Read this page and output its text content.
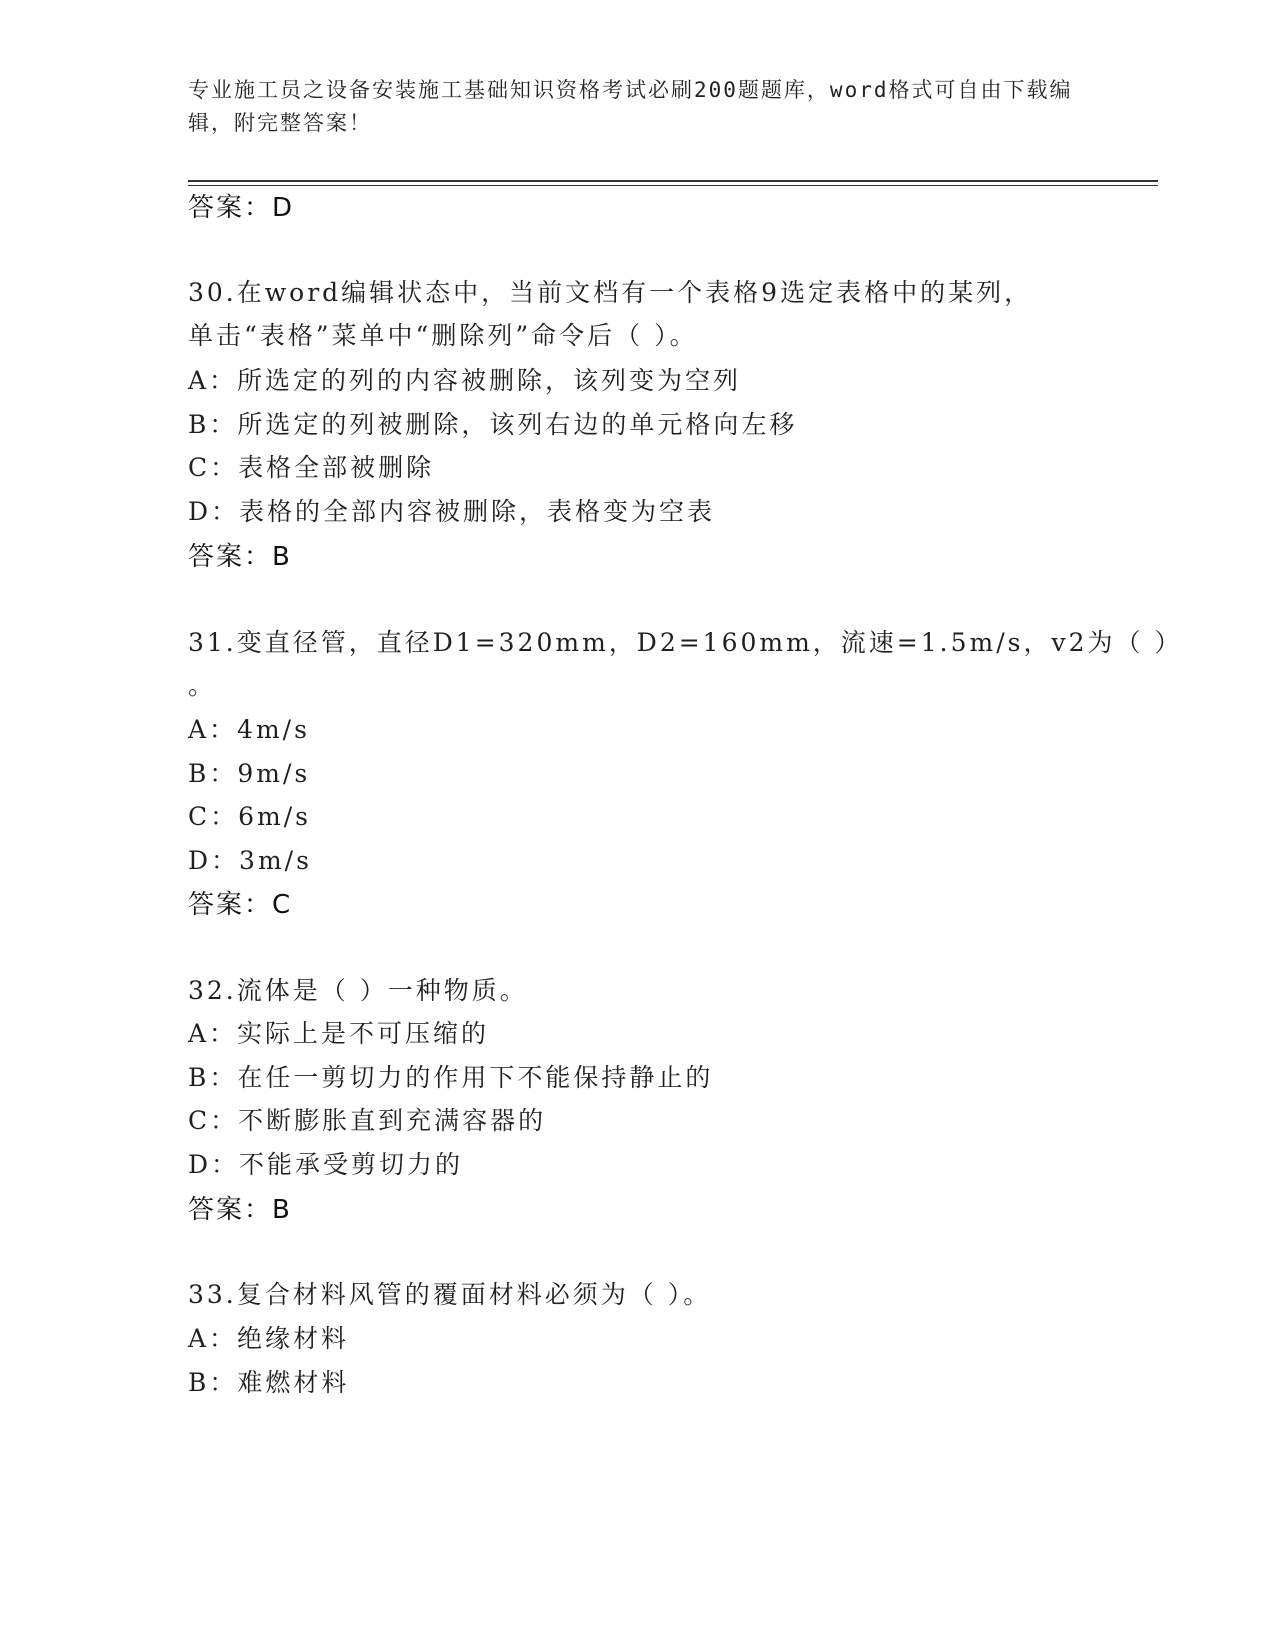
专业施工员之设备安装施工基础知识资格考试必刷200题题库，word格式可自由下载编辑，附完整答案！
答案：D
30.在word编辑状态中，当前文档有一个表格9选定表格中的某列，
单击“表格”菜单中“删除列”命令后（ ）。
A：所选定的列的内容被删除，该列变为空列
B：所选定的列被删除，该列右边的单元格向左移
C：表格全部被删除
D：表格的全部内容被删除，表格变为空表
答案：B
31.变直径管，直径D1=320mm，D2=160mm，流速=1.5m/s，v2为（ ）
。
A：4m/s
B：9m/s
C：6m/s
D：3m/s
答案：C
32.流体是（ ）一种物质。
A：实际上是不可压缩的
B：在任一剪切力的作用下不能保持静止的
C：不断膨胀直到充满容器的
D：不能承受剪切力的
答案：B
33.复合材料风管的覆面材料必须为（ ）。
A：绝缘材料
B：难燃材料
